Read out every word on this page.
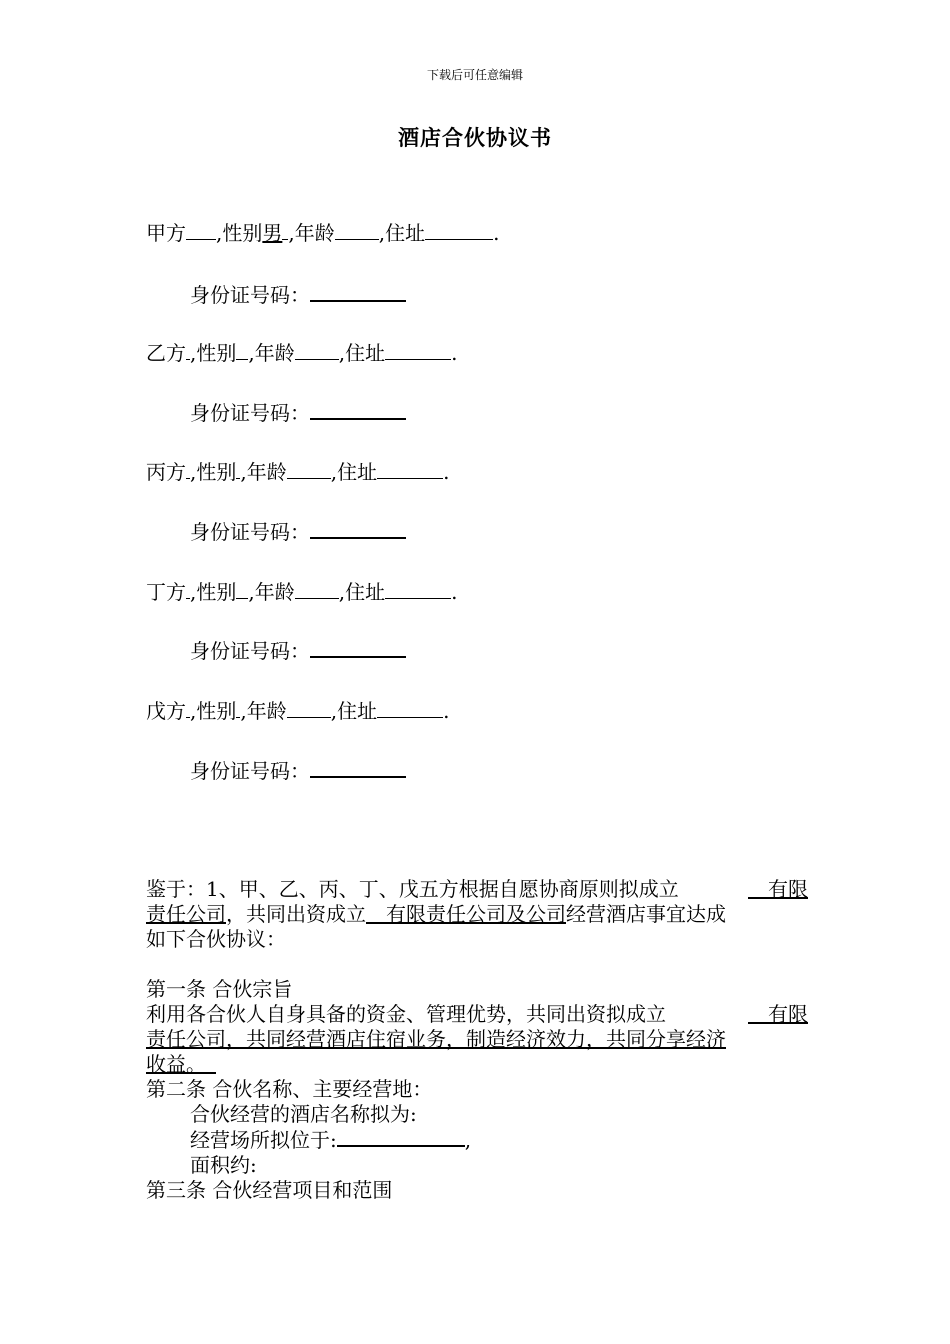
下载后可任意编辑
酒店合伙协议书
甲方 ,性别男 ,年龄 ,住址	.
身份证号码：
乙方 ,性别 ,年龄 ,住址	.
身份证号码：
丙方 ,性别 ,年龄 ,住址	.
身份证号码：
丁方 ,性别 ,年龄 ,住址	.
身份证号码：
戊方 ,性别 ,年龄 ,住址	.
身份证号码：
鉴于：1、甲、乙、丙、丁、戊五方根据自愿协商原则拟成立	　有限
责任公司 ，共同出资成立 　有限责任公司及公司 经营酒店事宜达成
如下合伙协议：
第一条 合伙宗旨
利用各合伙人自身具备的资金、管理优势，共同出资拟成立	　有限
责任公司，共同经营酒店住宿业务，制造经济效力，共同分享经济
收益。　
第二条 合伙名称、主要经营地：
合伙经营的酒店名称拟为:
经营场所拟位于:	,
面积约:
第三条 合伙经营项目和范围
